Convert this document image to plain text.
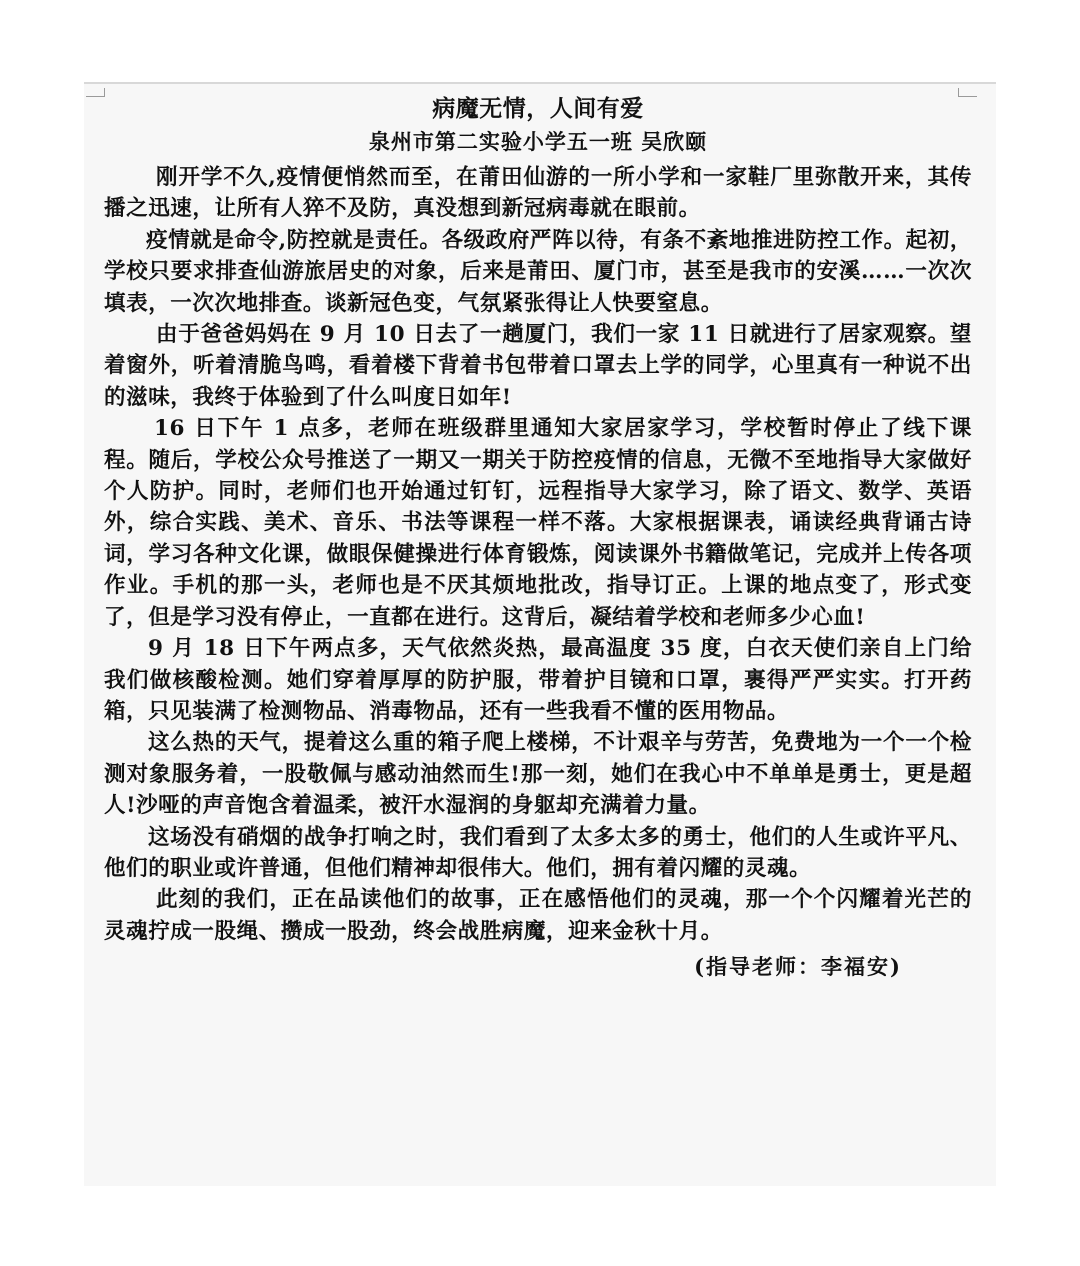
病魔无情，人间有爱
泉州市第二实验小学五一班 吴欣颐

刚开学不久,疫情便悄然而至，在莆田仙游的一所小学和一家鞋厂里弥散开来，其传播之迅速，让所有人猝不及防，真没想到新冠病毒就在眼前。

疫情就是命令,防控就是责任。各级政府严阵以待，有条不紊地推进防控工作。起初，学校只要求排查仙游旅居史的对象，后来是莆田、厦门市，甚至是我市的安溪……一次次填表，一次次地排查。谈新冠色变，气氛紧张得让人快要窒息。

由于爸爸妈妈在 9 月 10 日去了一趟厦门，我们一家 11 日就进行了居家观察。望着窗外，听着清脆鸟鸣，看着楼下背着书包带着口罩去上学的同学，心里真有一种说不出的滋味，我终于体验到了什么叫度日如年!

16 日下午 1 点多，老师在班级群里通知大家居家学习，学校暂时停止了线下课程。随后，学校公众号推送了一期又一期关于防控疫情的信息，无微不至地指导大家做好个人防护。同时，老师们也开始通过钉钉，远程指导大家学习，除了语文、数学、英语外，综合实践、美术、音乐、书法等课程一样不落。大家根据课表，诵读经典背诵古诗词，学习各种文化课，做眼保健操进行体育锻炼，阅读课外书籍做笔记，完成并上传各项作业。手机的那一头，老师也是不厌其烦地批改，指导订正。上课的地点变了，形式变了，但是学习没有停止，一直都在进行。这背后，凝结着学校和老师多少心血!

9 月 18 日下午两点多，天气依然炎热，最高温度 35 度，白衣天使们亲自上门给我们做核酸检测。她们穿着厚厚的防护服，带着护目镜和口罩，裹得严严实实。打开药箱，只见装满了检测物品、消毒物品，还有一些我看不懂的医用物品。

这么热的天气，提着这么重的箱子爬上楼梯，不计艰辛与劳苦，免费地为一个一个检测对象服务着，一股敬佩与感动油然而生!那一刻，她们在我心中不单单是勇士，更是超人!沙哑的声音饱含着温柔，被汗水湿润的身躯却充满着力量。

这场没有硝烟的战争打响之时，我们看到了太多太多的勇士，他们的人生或许平凡、他们的职业或许普通，但他们精神却很伟大。他们，拥有着闪耀的灵魂。

此刻的我们，正在品读他们的故事，正在感悟他们的灵魂，那一个个闪耀着光芒的灵魂拧成一股绳、攒成一股劲，终会战胜病魔，迎来金秋十月。

(指导老师：李福安)
